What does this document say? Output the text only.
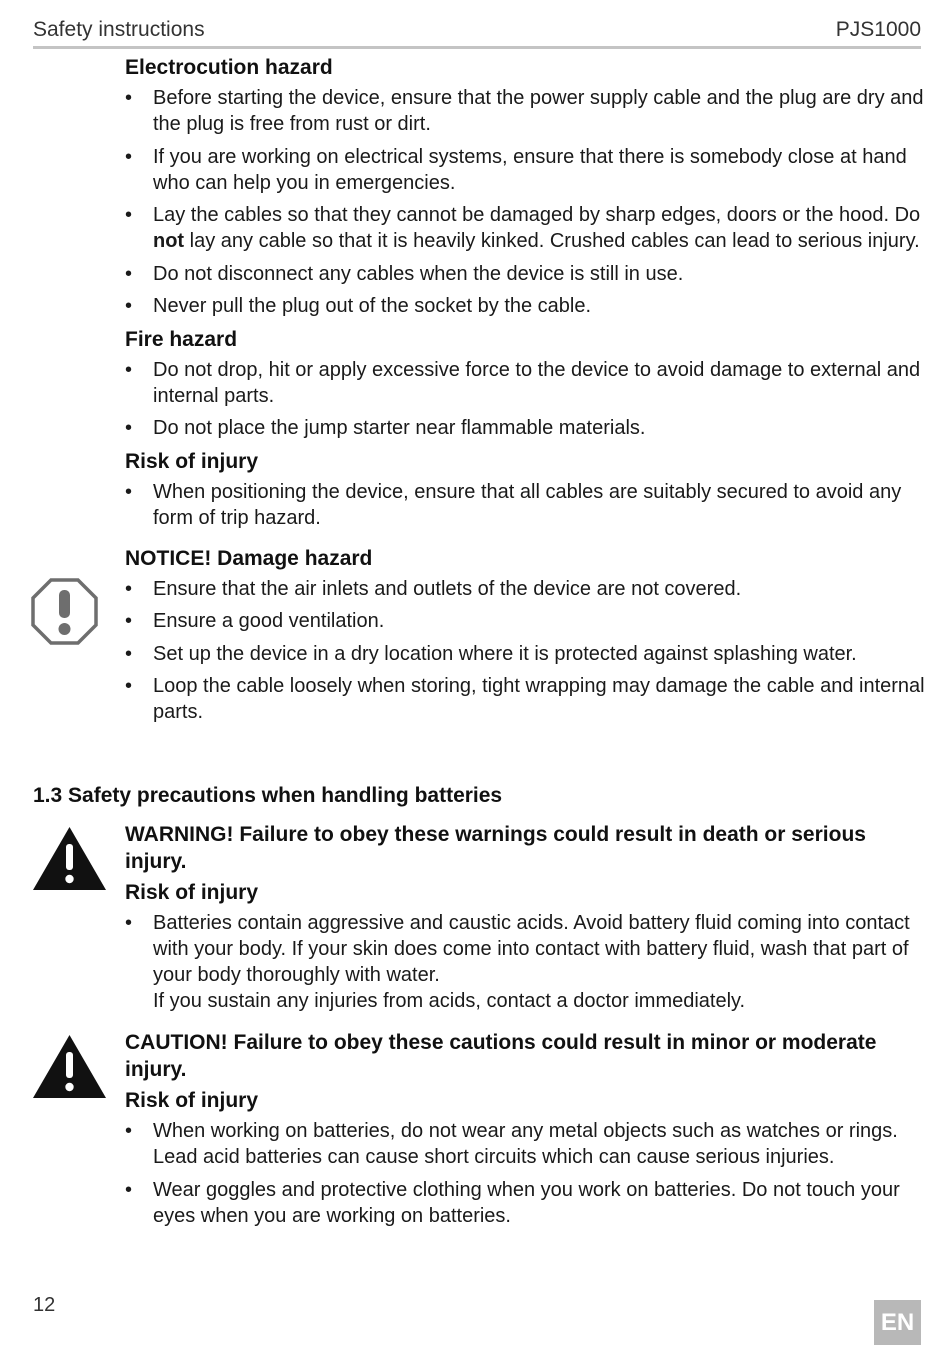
Safety instructions	PJS1000
Electrocution hazard
• Before starting the device, ensure that the power supply cable and the plug are dry and the plug is free from rust or dirt.
• If you are working on electrical systems, ensure that there is somebody close at hand who can help you in emergencies.
• Lay the cables so that they cannot be damaged by sharp edges, doors or the hood. Do not lay any cable so that it is heavily kinked. Crushed cables can lead to serious injury.
• Do not disconnect any cables when the device is still in use.
• Never pull the plug out of the socket by the cable.
Fire hazard
• Do not drop, hit or apply excessive force to the device to avoid damage to external and internal parts.
• Do not place the jump starter near flammable materials.
Risk of injury
• When positioning the device, ensure that all cables are suitably secured to avoid any form of trip hazard.
NOTICE! Damage hazard
• Ensure that the air inlets and outlets of the device are not covered.
• Ensure a good ventilation.
• Set up the device in a dry location where it is protected against splashing water.
• Loop the cable loosely when storing, tight wrapping may damage the cable and internal parts.
1.3 Safety precautions when handling batteries
WARNING! Failure to obey these warnings could result in death or serious injury.
Risk of injury
• Batteries contain aggressive and caustic acids. Avoid battery fluid coming into contact with your body. If your skin does come into contact with battery fluid, wash that part of your body thoroughly with water.
If you sustain any injuries from acids, contact a doctor immediately.
CAUTION! Failure to obey these cautions could result in minor or moderate injury.
Risk of injury
• When working on batteries, do not wear any metal objects such as watches or rings. Lead acid batteries can cause short circuits which can cause serious injuries.
• Wear goggles and protective clothing when you work on batteries. Do not touch your eyes when you are working on batteries.
12
EN
